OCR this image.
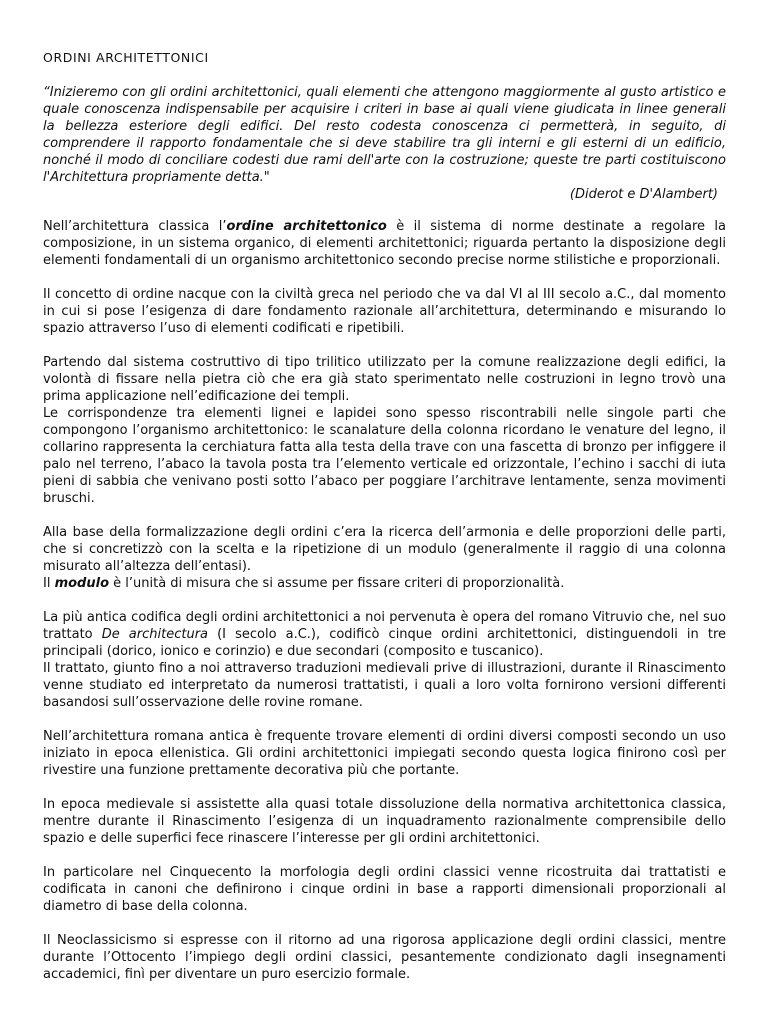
ORDINI ARCHITETTONICI

“Inizieremo con gli ordini architettonici, quali elementi che attengono maggiormente al gusto artistico e quale conoscenza indispensabile per acquisire i criteri in base ai quali viene giudicata in linee generali la bellezza esteriore degli edifici. Del resto codesta conoscenza ci permetterà, in seguito, di comprendere il rapporto fondamentale che si deve stabilire tra gli interni e gli esterni di un edificio, nonché il modo di conciliare codesti due rami dell'arte con la costruzione; queste tre parti costituiscono l'Architettura propriamente detta."

(Diderot e D'Alambert)

Nell’architettura classica l’ordine architettonico è il sistema di norme destinate a regolare la composizione, in un sistema organico, di elementi architettonici; riguarda pertanto la disposizione degli elementi fondamentali di un organismo architettonico secondo precise norme stilistiche e proporzionali.

Il concetto di ordine nacque con la civiltà greca nel periodo che va dal VI al III secolo a.C., dal momento in cui si pose l’esigenza di dare fondamento razionale all’architettura, determinando e misurando lo spazio attraverso l’uso di elementi codificati e ripetibili.

Partendo dal sistema costruttivo di tipo trilitico utilizzato per la comune realizzazione degli edifici, la volontà di fissare nella pietra ciò che era già stato sperimentato nelle costruzioni in legno trovò una prima applicazione nell’edificazione dei templi.

Le corrispondenze tra elementi lignei e lapidei sono spesso riscontrabili nelle singole parti che compongono l’organismo architettonico: le scanalature della colonna ricordano le venature del legno, il collarino rappresenta la cerchiatura fatta alla testa della trave con una fascetta di bronzo per infiggere il palo nel terreno, l’abaco la tavola posta tra l’elemento verticale ed orizzontale, l’echino i sacchi di iuta pieni di sabbia che venivano posti sotto l’abaco per poggiare l’architrave lentamente, senza movimenti bruschi.

Alla base della formalizzazione degli ordini c’era la ricerca dell’armonia e delle proporzioni delle parti, che si concretizzò con la scelta e la ripetizione di un modulo (generalmente il raggio di una colonna misurato all’altezza dell’entasi).

Il modulo è l’unità di misura che si assume per fissare criteri di proporzionalità.

La più antica codifica degli ordini architettonici a noi pervenuta è opera del romano Vitruvio che, nel suo trattato De architectura (I secolo a.C.), codificò cinque ordini architettonici, distinguendoli in tre principali (dorico, ionico e corinzio) e due secondari (composito e tuscanico).

Il trattato, giunto fino a noi attraverso traduzioni medievali prive di illustrazioni, durante il Rinascimento venne studiato ed interpretato da numerosi trattatisti, i quali a loro volta fornirono versioni differenti basandosi sull’osservazione delle rovine romane.

Nell’architettura romana antica è frequente trovare elementi di ordini diversi composti secondo un uso iniziato in epoca ellenistica. Gli ordini architettonici impiegati secondo questa logica finirono così per rivestire una funzione prettamente decorativa più che portante.

In epoca medievale si assistette alla quasi totale dissoluzione della normativa architettonica classica, mentre durante il Rinascimento l’esigenza di un inquadramento razionalmente comprensibile dello spazio e delle superfici fece rinascere l’interesse per gli ordini architettonici.

In particolare nel Cinquecento la morfologia degli ordini classici venne ricostruita dai trattatisti e codificata in canoni che definirono i cinque ordini in base a rapporti dimensionali proporzionali al diametro di base della colonna.

Il Neoclassicismo si espresse con il ritorno ad una rigorosa applicazione degli ordini classici, mentre durante l’Ottocento l’impiego degli ordini classici, pesantemente condizionato dagli insegnamenti accademici, finì per diventare un puro esercizio formale.
